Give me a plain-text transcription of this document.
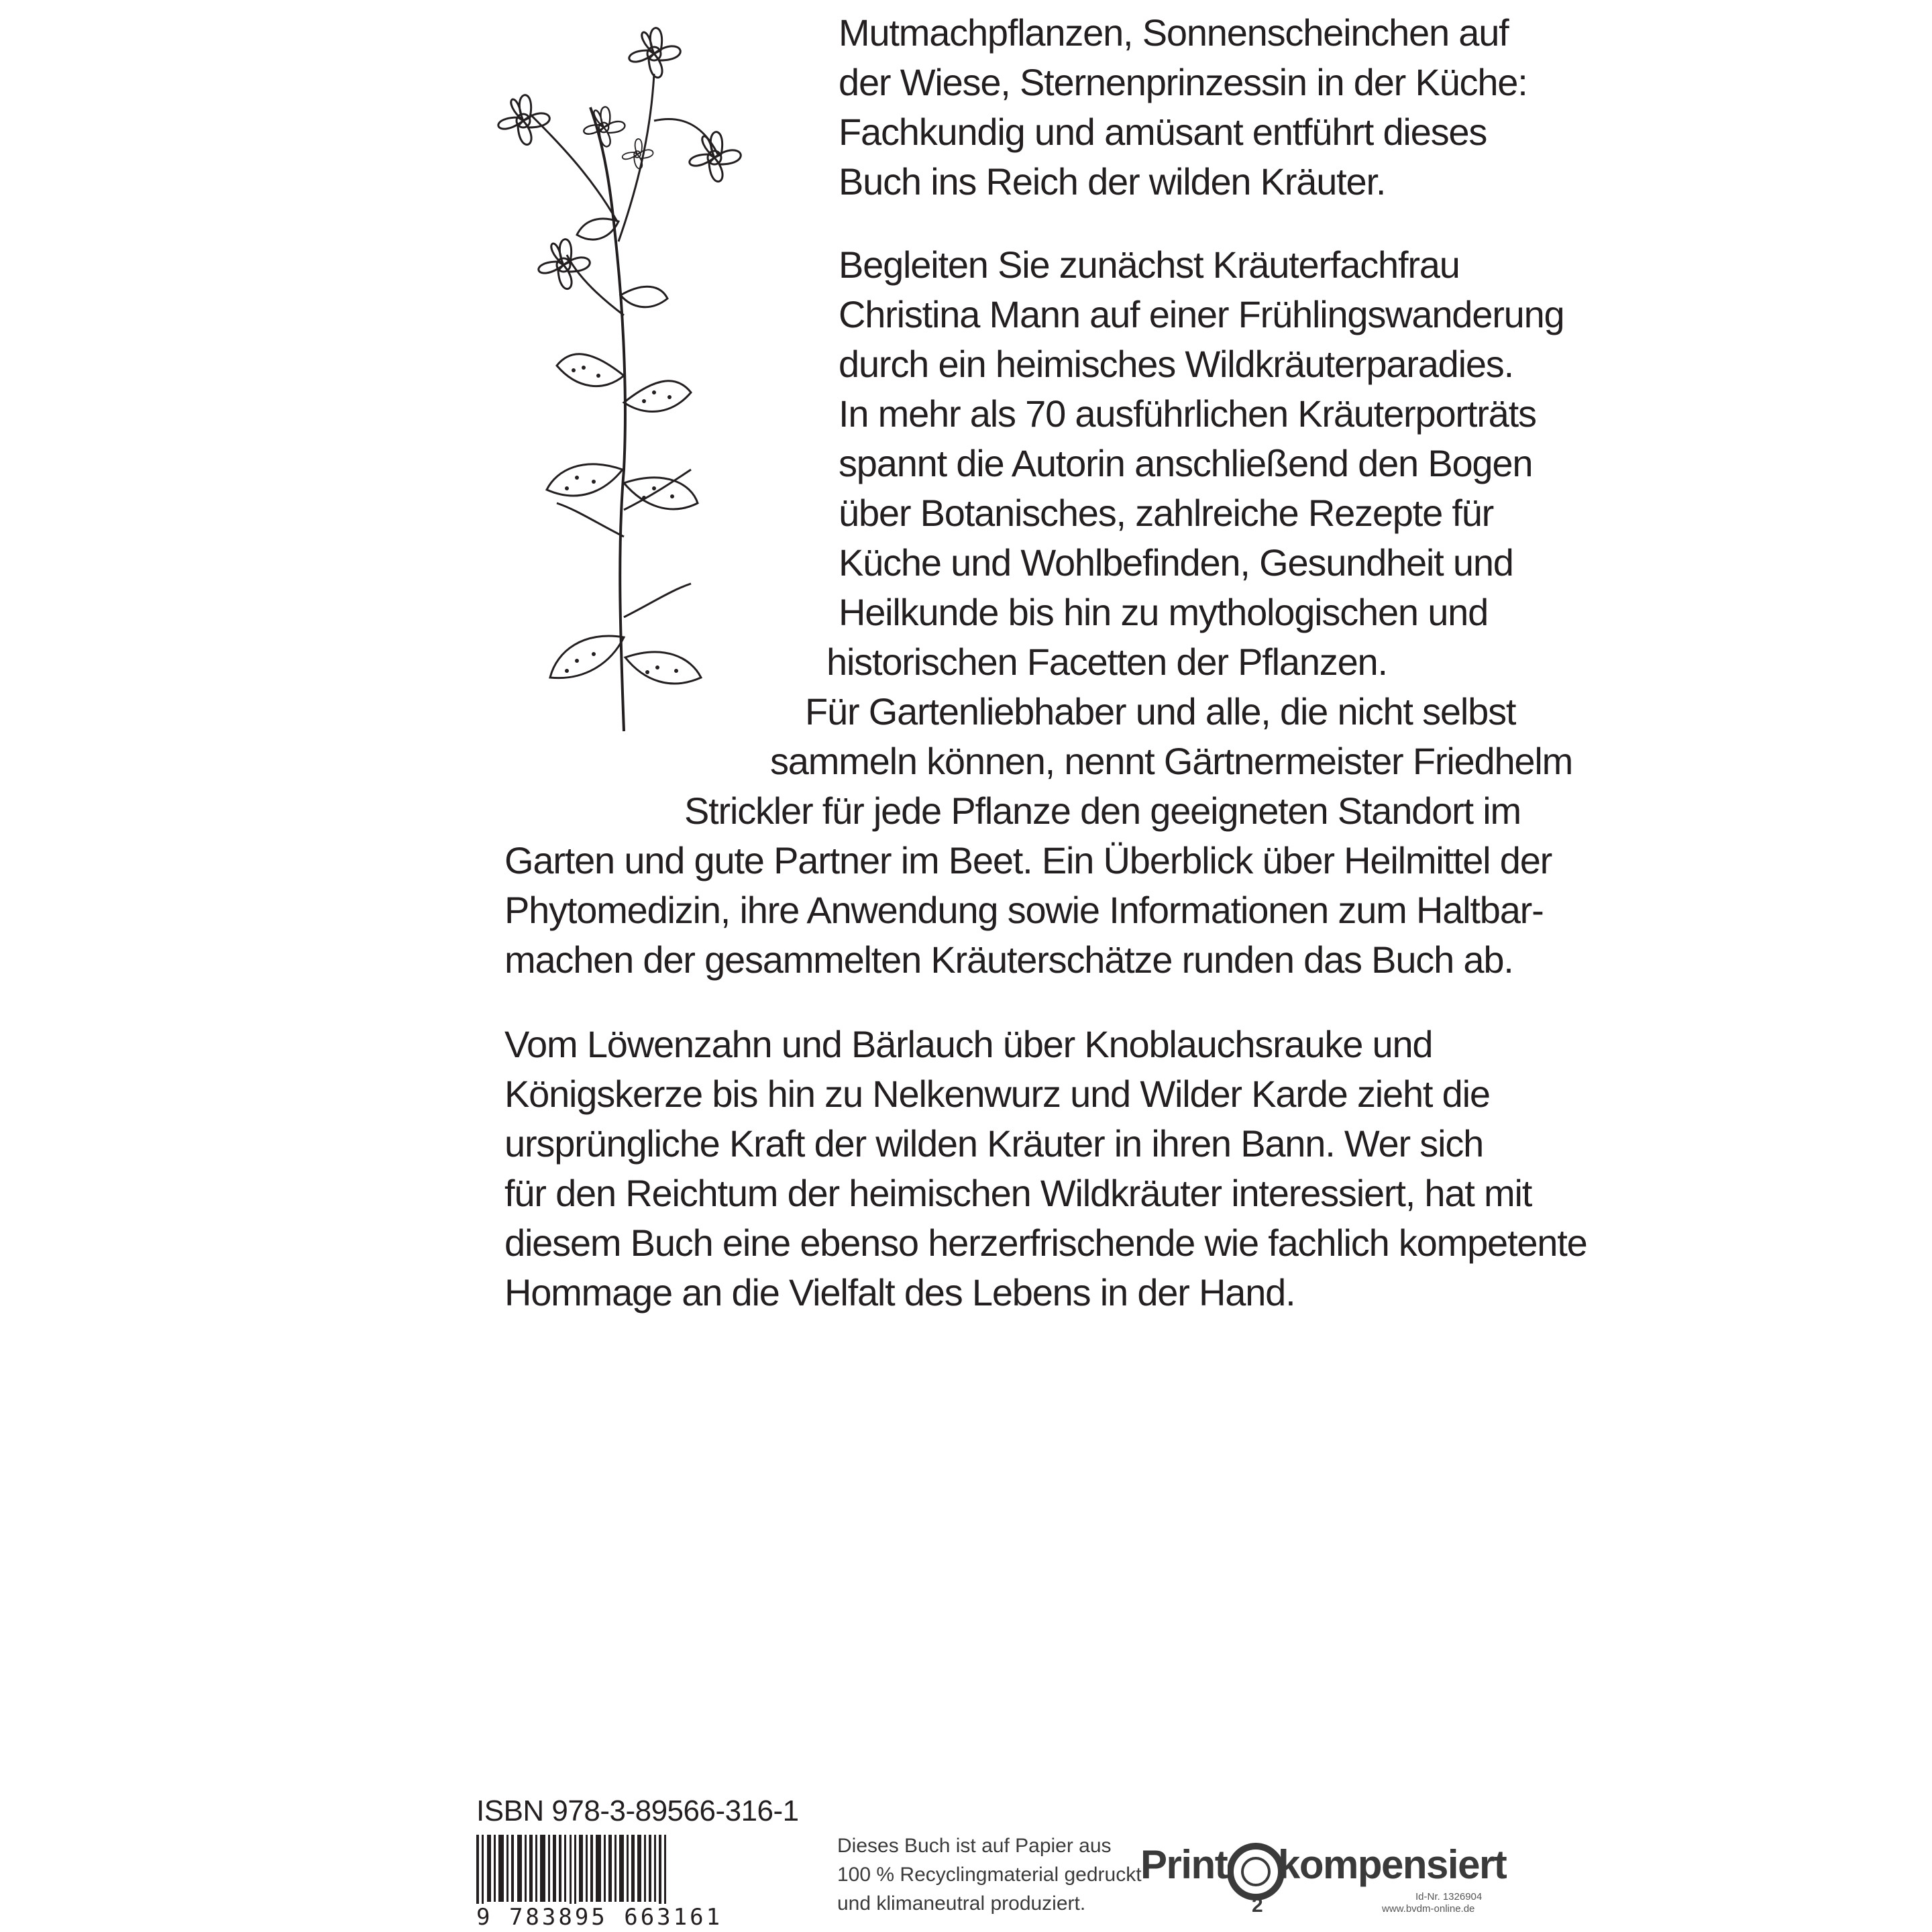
Mutmachpflanzen, Sonnenscheinchen auf
der Wiese, Sternenprinzessin in der Küche:
Fachkundig und amüsant entführt dieses
Buch ins Reich der wilden Kräuter.
Begleiten Sie zunächst Kräuterfachfrau
Christina Mann auf einer Frühlingswanderung
durch ein heimisches Wildkräuterparadies.
In mehr als 70 ausführlichen Kräuterporträts
spannt die Autorin anschließend den Bogen
über Botanisches, zahlreiche Rezepte für
Küche und Wohlbefinden, Gesundheit und
Heilkunde bis hin zu mythologischen und
historischen Facetten der Pflanzen.
Für Gartenliebhaber und alle, die nicht selbst
sammeln können, nennt Gärtnermeister Friedhelm
Strickler für jede Pflanze den geeigneten Standort im
Garten und gute Partner im Beet. Ein Überblick über Heilmittel der
Phytomedizin, ihre Anwendung sowie Informationen zum Haltbar-
machen der gesammelten Kräuterschätze runden das Buch ab.
Vom Löwenzahn und Bärlauch über Knoblauchsrauke und
Königskerze bis hin zu Nelkenwurz und Wilder Karde zieht die
ursprüngliche Kraft der wilden Kräuter in ihren Bann. Wer sich
für den Reichtum der heimischen Wildkräuter interessiert, hat mit
diesem Buch eine ebenso herzerfrischende wie fachlich kompetente
Hommage an die Vielfalt des Lebens in der Hand.
ISBN 978-3-89566-316-1
9 783895 663161
Dieses Buch ist auf Papier aus
100 % Recyclingmaterial gedruckt
und klimaneutral produziert.
Print
2
kompensiert
Id-Nr. 1326904
www.bvdm-online.de
